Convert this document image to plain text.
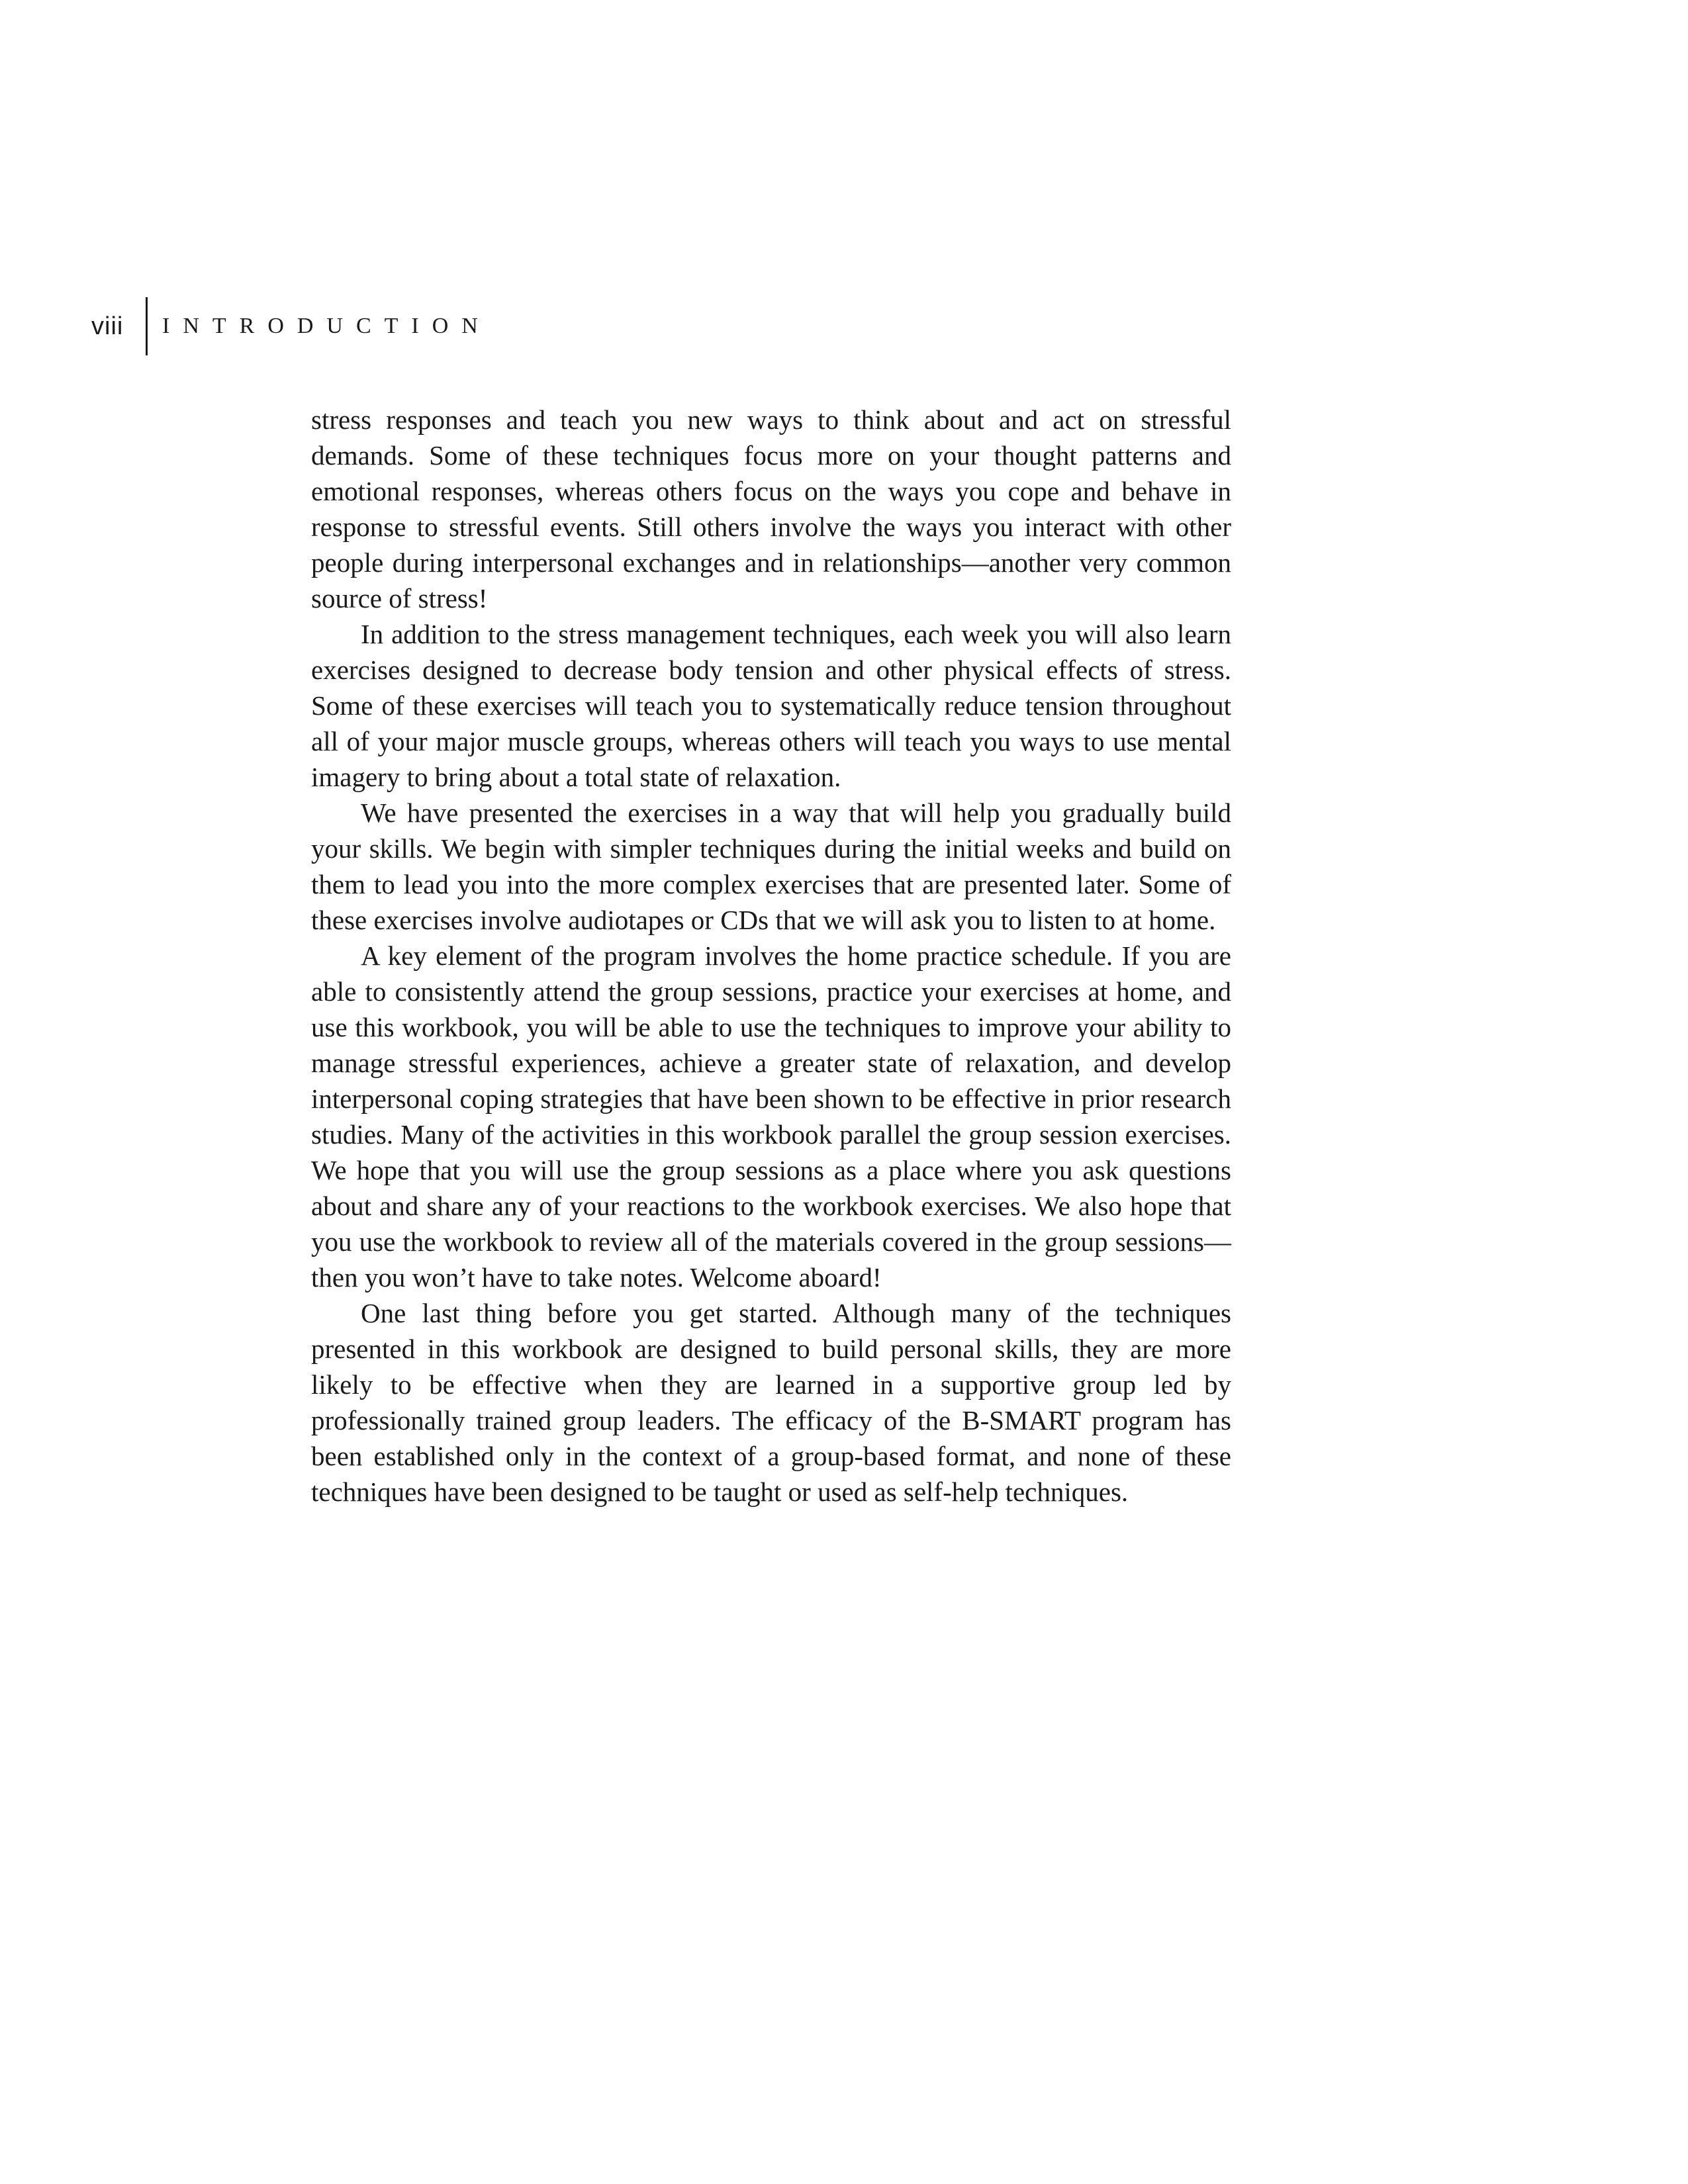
viii	INTRODUCTION

stress responses and teach you new ways to think about and act on stressful demands. Some of these techniques focus more on your thought patterns and emotional responses, whereas others focus on the ways you cope and behave in response to stressful events. Still others involve the ways you interact with other people during interpersonal exchanges and in relationships—another very common source of stress!

In addition to the stress management techniques, each week you will also learn exercises designed to decrease body tension and other physical effects of stress. Some of these exercises will teach you to systematically reduce tension throughout all of your major muscle groups, whereas others will teach you ways to use mental imagery to bring about a total state of relaxation.

We have presented the exercises in a way that will help you gradually build your skills. We begin with simpler techniques during the initial weeks and build on them to lead you into the more complex exercises that are presented later. Some of these exercises involve audiotapes or CDs that we will ask you to listen to at home.

A key element of the program involves the home practice schedule. If you are able to consistently attend the group sessions, practice your exercises at home, and use this workbook, you will be able to use the techniques to improve your ability to manage stressful experiences, achieve a greater state of relaxation, and develop interpersonal coping strategies that have been shown to be effective in prior research studies. Many of the activities in this workbook parallel the group session exercises. We hope that you will use the group sessions as a place where you ask questions about and share any of your reactions to the workbook exercises. We also hope that you use the workbook to review all of the materials covered in the group sessions—then you won’t have to take notes. Welcome aboard!

One last thing before you get started. Although many of the techniques presented in this workbook are designed to build personal skills, they are more likely to be effective when they are learned in a supportive group led by professionally trained group leaders. The efficacy of the B-SMART program has been established only in the context of a group-based format, and none of these techniques have been designed to be taught or used as self-help techniques.
